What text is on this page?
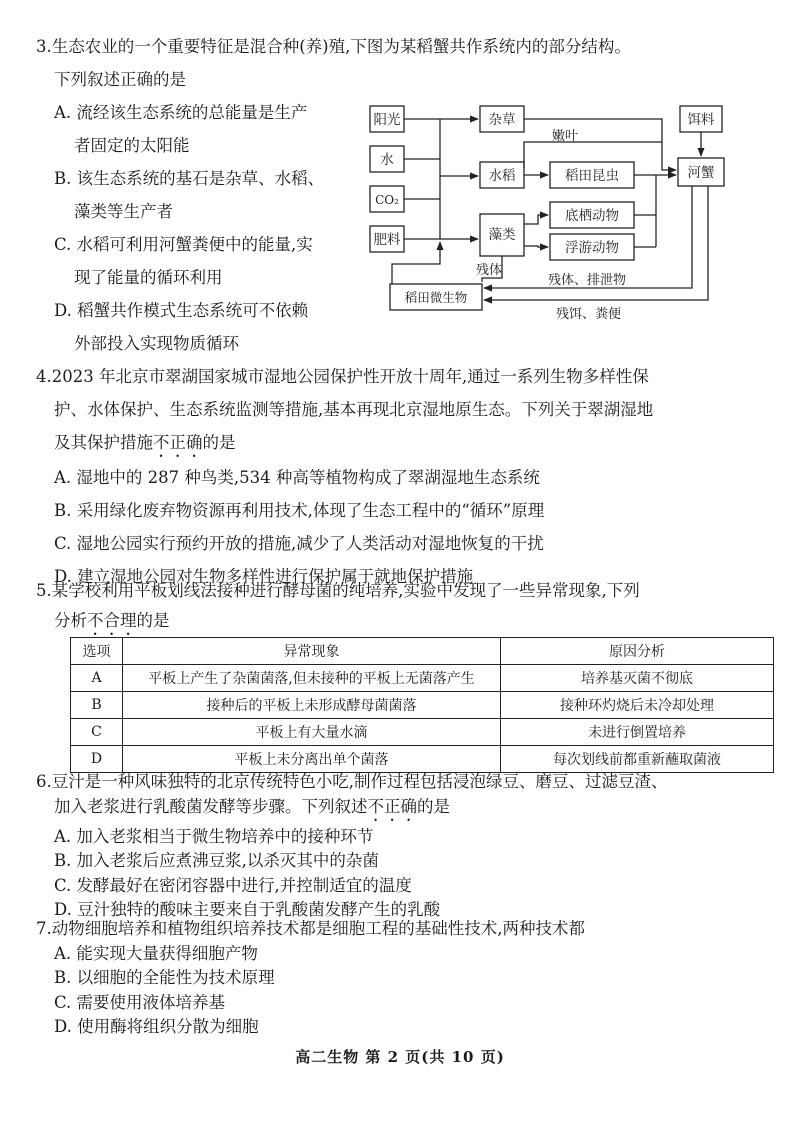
3.生态农业的一个重要特征是混合种(养)殖,下图为某稻蟹共作系统内的部分结构。

下列叙述正确的是

A. 流经该生态系统的总能量是生产

者固定的太阳能

B. 该生态系统的基石是杂草、水稻、

藻类等生产者

C. 水稻可利用河蟹粪便中的能量,实

现了能量的循环利用

D. 稻蟹共作模式生态系统可不依赖

外部投入实现物质循环

阳光
水
CO₂
肥料
杂草
水稻
藻类
稻田昆虫
底栖动物
浮游动物
饵料
河蟹
稻田微生物
嫩叶
残体
残体、排泄物
残饵、粪便

4.2023 年北京市翠湖国家城市湿地公园保护性开放十周年,通过一系列生物多样性保

护、水体保护、生态系统监测等措施,基本再现北京湿地原生态。下列关于翠湖湿地

及其保护措施不正确的是

A. 湿地中的 287 种鸟类,534 种高等植物构成了翠湖湿地生态系统

B. 采用绿化废弃物资源再利用技术,体现了生态工程中的“循环”原理

C. 湿地公园实行预约开放的措施,减少了人类活动对湿地恢复的干扰

D. 建立湿地公园对生物多样性进行保护属于就地保护措施

5.某学校利用平板划线法接种进行酵母菌的纯培养,实验中发现了一些异常现象,下列

分析不合理的是

选项	异常现象	原因分析
A	平板上产生了杂菌菌落,但未接种的平板上无菌落产生	培养基灭菌不彻底
B	接种后的平板上未形成酵母菌菌落	接种环灼烧后未冷却处理
C	平板上有大量水滴	未进行倒置培养
D	平板上未分离出单个菌落	每次划线前都重新蘸取菌液

6.豆汁是一种风味独特的北京传统特色小吃,制作过程包括浸泡绿豆、磨豆、过滤豆渣、

加入老浆进行乳酸菌发酵等步骤。下列叙述不正确的是

A. 加入老浆相当于微生物培养中的接种环节

B. 加入老浆后应煮沸豆浆,以杀灭其中的杂菌

C. 发酵最好在密闭容器中进行,并控制适宜的温度

D. 豆汁独特的酸味主要来自于乳酸菌发酵产生的乳酸

7.动物细胞培养和植物组织培养技术都是细胞工程的基础性技术,两种技术都

A. 能实现大量获得细胞产物

B. 以细胞的全能性为技术原理

C. 需要使用液体培养基

D. 使用酶将组织分散为细胞

高二生物 第 2 页(共 10 页)
